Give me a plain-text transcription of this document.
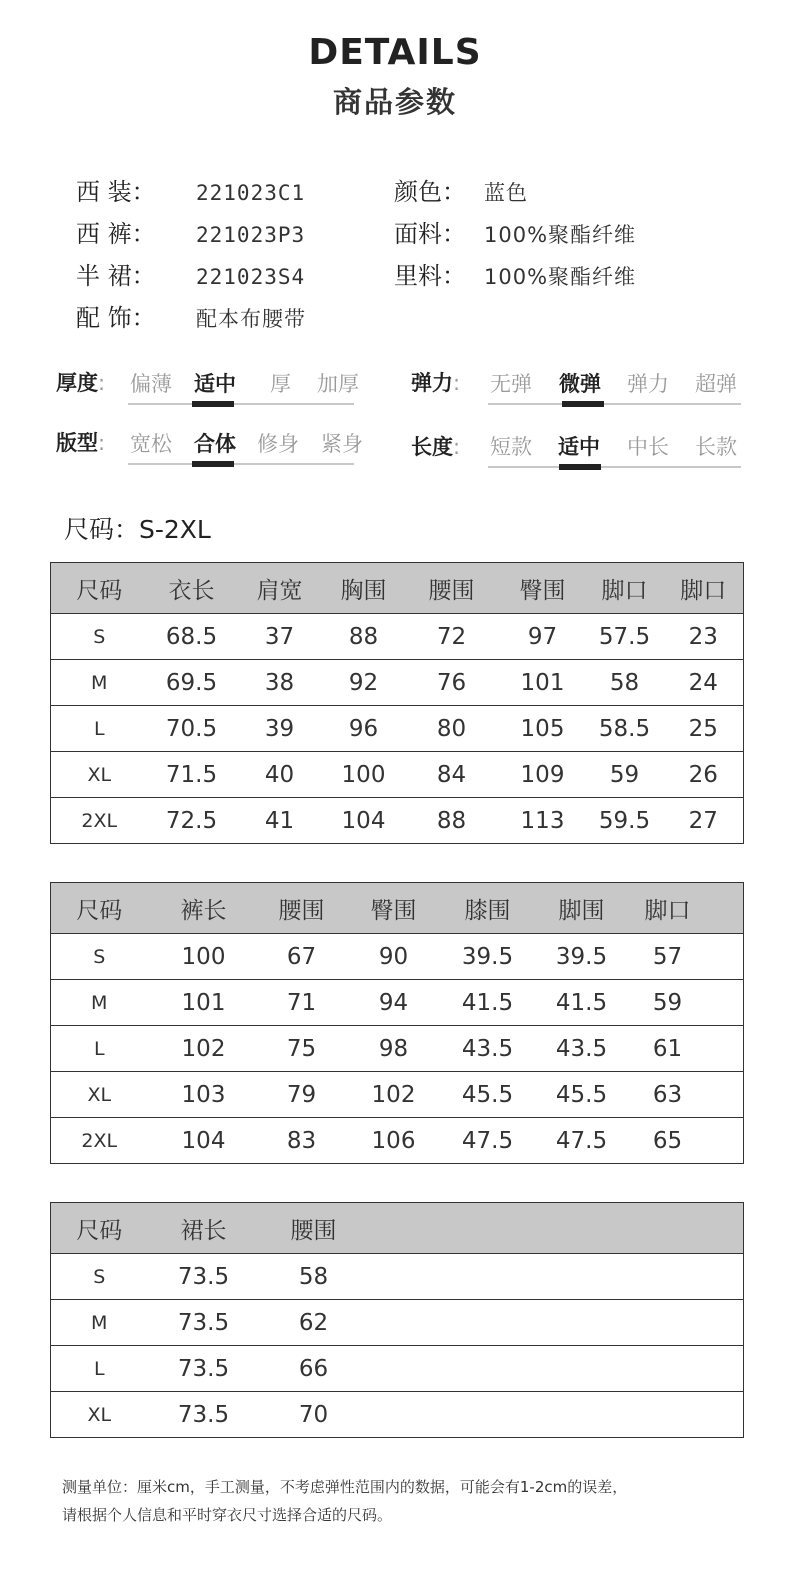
DETAILS
商品参数
西 装： 221023C1
西 裤： 221023P3
半 裙： 221023S4
配 饰： 配本布腰带
颜色： 蓝色
面料： 100%聚酯纤维
里料： 100%聚酯纤维
厚度: 偏薄 适中 厚 加厚 弹力: 无弹 微弹 弹力 超弹
版型: 宽松 合体 修身 紧身 长度: 短款 适中 中长 长款
尺码：S-2XL
尺码	衣长	肩宽	胸围	腰围	臀围	脚口	脚口
S	68.5	37	88	72	97	57.5	23
M	69.5	38	92	76	101	58	24
L	70.5	39	96	80	105	58.5	25
XL	71.5	40	100	84	109	59	26
2XL	72.5	41	104	88	113	59.5	27
尺码	裤长	腰围	臀围	膝围	脚围	脚口	
S	100	67	90	39.5	39.5	57	
M	101	71	94	41.5	41.5	59	
L	102	75	98	43.5	43.5	61	
XL	103	79	102	45.5	45.5	63	
2XL	104	83	106	47.5	47.5	65	
尺码	裙长	腰围	
S	73.5	58	
M	73.5	62	
L	73.5	66	
XL	73.5	70	
测量单位：厘米cm，手工测量，不考虑弹性范围内的数据，可能会有1-2cm的误差，
请根据个人信息和平时穿衣尺寸选择合适的尺码。
